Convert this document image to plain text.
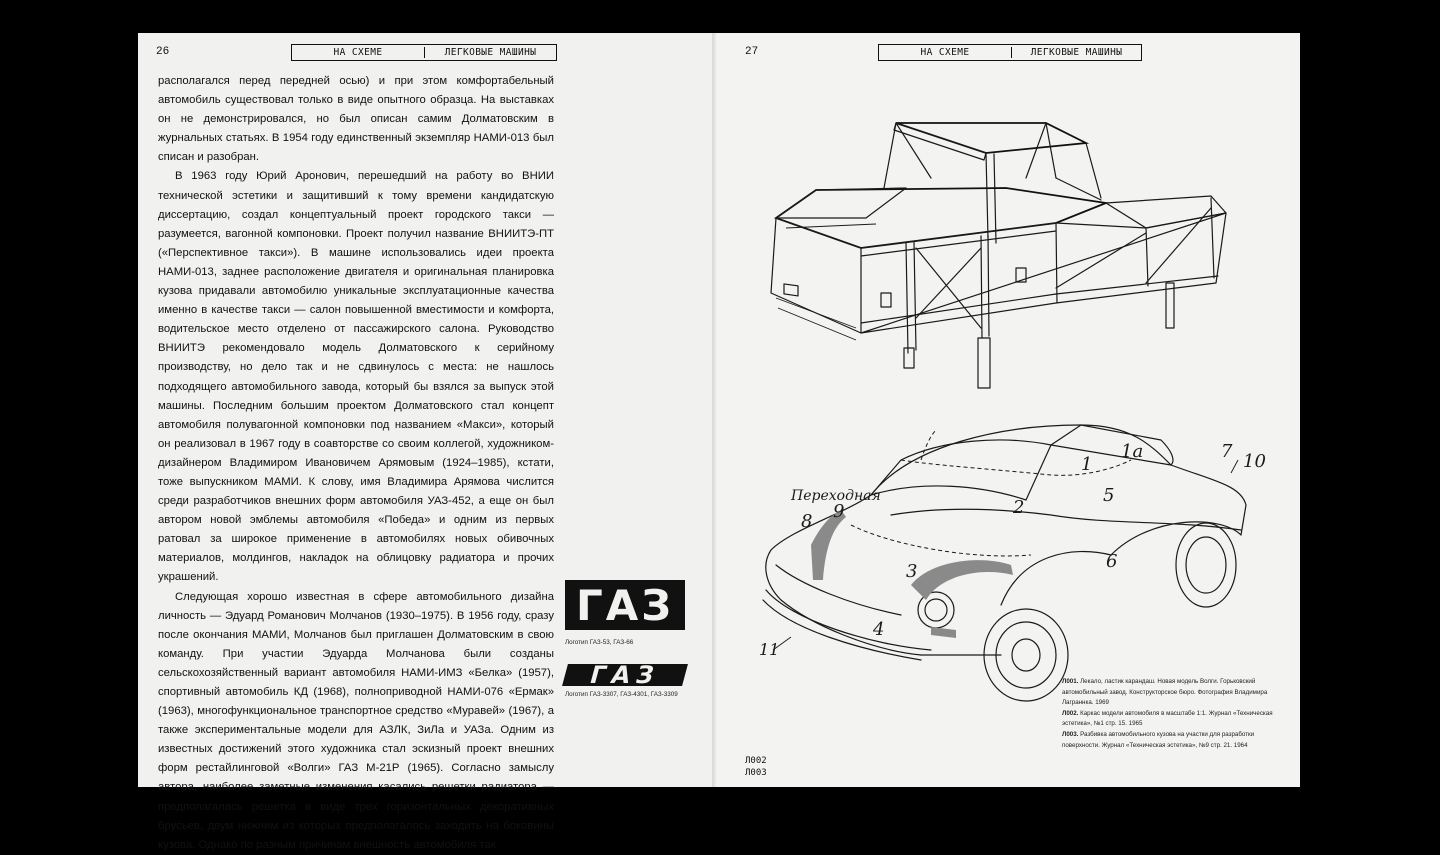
26	НА СХЕМЕ	ЛЕГКОВЫЕ МАШИНЫ

располагался перед передней осью) и при этом комфортабельный автомобиль существовал только в виде опытного образца. На выставках он не демонстрировался, но был описан самим Долматовским в журнальных статьях. В 1954 году единственный экземпляр НАМИ-013 был списан и разобран.

В 1963 году Юрий Аронович, перешедший на работу во ВНИИ технической эстетики и защитивший к тому времени кандидатскую диссертацию, создал концептуальный проект городского такси — разумеется, вагонной компоновки. Проект получил название ВНИИТЭ-ПТ («Перспективное такси»). В машине использовались идеи проекта НАМИ-013, заднее расположение двигателя и оригинальная планировка кузова придавали автомобилю уникальные эксплуатационные качества именно в качестве такси — салон повышенной вместимости и комфорта, водительское место отделено от пассажирского салона. Руководство ВНИИТЭ рекомендовало модель Долматовского к серийному производству, но дело так и не сдвинулось с места: не нашлось подходящего автомобильного завода, который бы взялся за выпуск этой машины. Последним большим проектом Долматовского стал концепт автомобиля полувагонной компоновки под названием «Макси», который он реализовал в 1967 году в соавторстве со своим коллегой, художником-дизайнером Владимиром Ивановичем Арямовым (1924–1985), кстати, тоже выпускником МАМИ. К слову, имя Владимира Арямова числится среди разработчиков внешних форм автомобиля УАЗ-452, а еще он был автором новой эмблемы автомобиля «Победа» и одним из первых ратовал за широкое применение в автомобилях новых обивочных материалов, молдингов, накладок на облицовку радиатора и прочих украшений.

Следующая хорошо известная в сфере автомобильного дизайна личность — Эдуард Романович Молчанов (1930–1975). В 1956 году, сразу после окончания МАМИ, Молчанов был приглашен Долматовским в свою команду. При участии Эдуарда Молчанова были созданы сельскохозяйственный вариант автомобиля НАМИ-ИМЗ «Белка» (1957), спортивный автомобиль КД (1968), полноприводной НАМИ-076 «Ермак» (1963), многофункциональное транспортное средство «Муравей» (1967), а также экспериментальные модели для АЗЛК, ЗиЛа и УАЗа. Одним из известных достижений этого художника стал эскизный проект внешних форм рестайлинговой «Волги» ГАЗ М-21Р (1965). Согласно замыслу автора, наиболее заметные изменения касались решетки радиатора — предполагалась решетка в виде трех горизонтальных декоративных брусьев, двум нижним из которых предполагалось заходить на боковины кузова. Однако по разным причинам внешность автомобиля так

ГАЗ
Логотип ГАЗ-53, ГАЗ-66
ГАЗ
Логотип ГАЗ-3307, ГАЗ-4301, ГАЗ-3309
27	НА СХЕМЕ	ЛЕГКОВЫЕ МАШИНЫ
Переходная
1
1а
2
3
4
5
6
7
8 9
10
11
Л001. Лекало, ластик карандаш. Новая модель Волги. Горьковский автомобильный завод. Конструкторское бюро. Фотография Владимира Лаграннка. 1969
Л002. Каркас модели автомобиля в масштабе 1:1. Журнал «Техническая эстетика», №1 стр. 15. 1965
Л003. Разбивка автомобильного кузова на участки для разработки поверхности. Журнал «Техническая эстетика», №9 стр. 21. 1964
Л002
Л003
